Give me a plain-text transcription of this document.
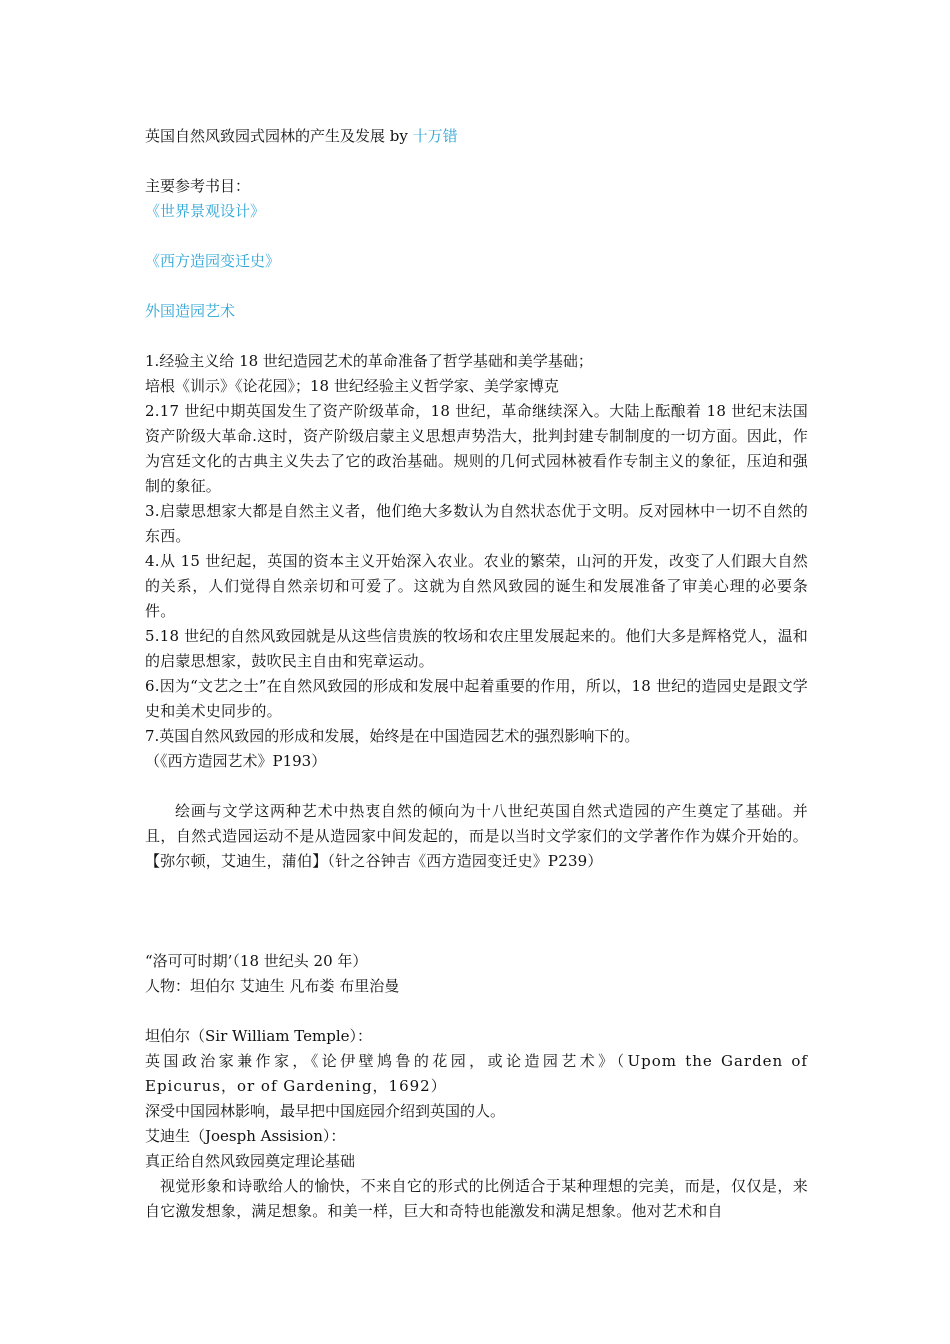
英国自然风致园式园林的产生及发展 by 十万错
主要参考书目：
《世界景观设计》
《西方造园变迁史》
外国造园艺术
1.经验主义给 18 世纪造园艺术的革命准备了哲学基础和美学基础；
培根《训示》《论花园》；18 世纪经验主义哲学家、美学家博克
2.17 世纪中期英国发生了资产阶级革命，18 世纪，革命继续深入。大陆上酝酿着 18 世纪末法国资产阶级大革命.这时，资产阶级启蒙主义思想声势浩大，批判封建专制制度的一切方面。因此，作为宫廷文化的古典主义失去了它的政治基础。规则的几何式园林被看作专制主义的象征，压迫和强制的象征。
3.启蒙思想家大都是自然主义者，他们绝大多数认为自然状态优于文明。反对园林中一切不自然的东西。
4.从 15 世纪起，英国的资本主义开始深入农业。农业的繁荣，山河的开发，改变了人们跟大自然的关系，人们觉得自然亲切和可爱了。这就为自然风致园的诞生和发展准备了审美心理的必要条件。
5.18 世纪的自然风致园就是从这些信贵族的牧场和农庄里发展起来的。他们大多是辉格党人，温和的启蒙思想家，鼓吹民主自由和宪章运动。
6.因为“文艺之士”在自然风致园的形成和发展中起着重要的作用，所以，18 世纪的造园史是跟文学史和美术史同步的。
7.英国自然风致园的形成和发展，始终是在中国造园艺术的强烈影响下的。
（《西方造园艺术》P193）
绘画与文学这两种艺术中热衷自然的倾向为十八世纪英国自然式造园的产生奠定了基础。并且，自然式造园运动不是从造园家中间发起的，而是以当时文学家们的文学著作作为媒介开始的。【弥尔顿，艾迪生，蒲伯】（针之谷钟吉《西方造园变迁史》P239）
“洛可可时期’（18 世纪头 20 年）
人物：坦伯尔 艾迪生 凡布娄 布里治曼
坦伯尔（Sir William Temple）：
英国政治家兼作家，《论伊壁鸠鲁的花园，或论造园艺术》（Upom the Garden of Epicurus，or of Gardening，1692）
深受中国园林影响，最早把中国庭园介绍到英国的人。
艾迪生（Joesph Assision）：
真正给自然风致园奠定理论基础
视觉形象和诗歌给人的愉快，不来自它的形式的比例适合于某种理想的完美，而是，仅仅是，来自它激发想象，满足想象。和美一样，巨大和奇特也能激发和满足想象。他对艺术和自
